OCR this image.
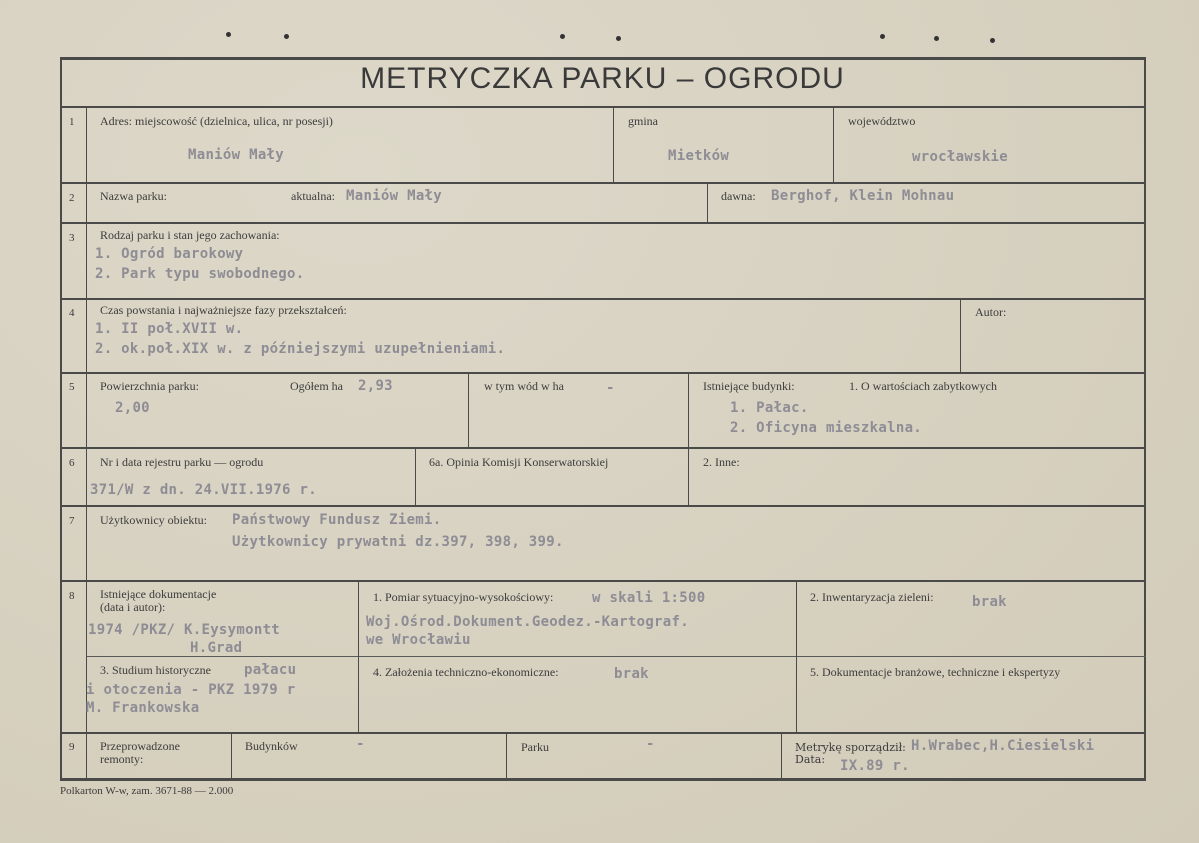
METRYCZKA PARKU – OGRODU
1 Adres: miejscowość (dzielnica, ulica, nr posesji)
Maniów Mały
gmina
Mietków
województwo
wrocławskie
2 Nazwa parku:	aktualna: Maniów Mały	dawna: Berghof, Klein Mohnau
3 Rodzaj parku i stan jego zachowania:
1. Ogród barokowy
2. Park typu swobodnego.
4 Czas powstania i najważniejsze fazy przekształceń:
1. II poł.XVII w.
2. ok.poł.XIX w. z późniejszymi uzupełnieniami.
Autor:
5 Powierzchnia parku:	Ogółem ha 2,93
2,00
w tym wód w ha	-	Istniejące budynki:	1. O wartościach zabytkowych
1. Pałac.
2. Oficyna mieszkalna.
6 Nr i data rejestru parku — ogrodu
371/W z dn. 24.VII.1976 r.
6a. Opinia Komisji Konserwatorskiej	2. Inne:
7 Użytkownicy obiektu: Państwowy Fundusz Ziemi.
Użytkownicy prywatni dz.397, 398, 399.
8 Istniejące dokumentacje
(data i autor):
1974 /PKZ/ K.Eysymontt
H.Grad
1. Pomiar sytuacyjno-wysokościowy:	w skali 1:500
Woj.Ośrod.Dokument.Geodez.-Kartograf.
we Wrocławiu
2. Inwentaryzacja zieleni:	brak
3. Studium historyczne pałacu
i otoczenia - PKZ 1979 r
M. Frankowska
4. Założenia techniczno-ekonomiczne:	brak	5. Dokumentacje branżowe, techniczne i ekspertyzy
9 Przeprowadzone
remonty:
Budynków	-	Parku	-	Metrykę sporządził: H.Wrabec,H.Ciesielski
Data: IX.89 r.
Polkarton W-w, zam. 3671-88 — 2.000
